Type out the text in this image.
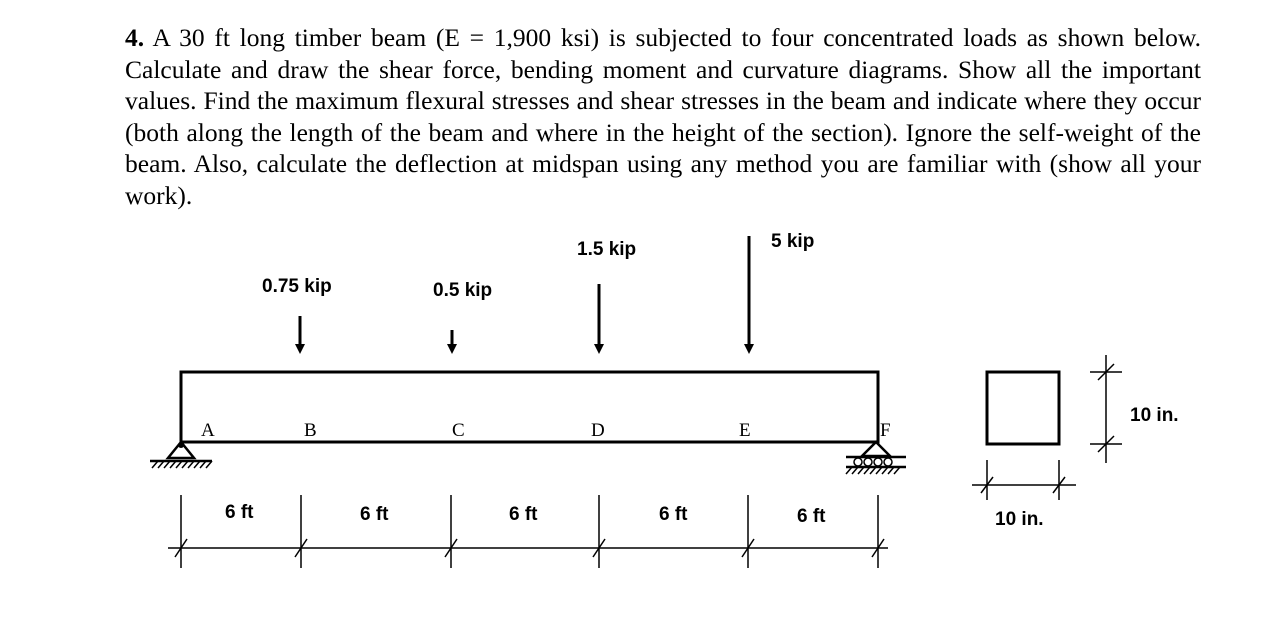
4. A 30 ft long timber beam (E = 1,900 ksi) is subjected to four concentrated loads as shown below. Calculate and draw the shear force, bending moment and curvature diagrams. Show all the important values. Find the maximum flexural stresses and shear stresses in the beam and indicate where they occur (both along the length of the beam and where in the height of the section). Ignore the self-weight of the beam. Also, calculate the deflection at midspan using any method you are familiar with (show all your work).
A	B	C	D	E	F
0.75 kip	0.5 kip
1.5 kip	5 kip
6 ft	6 ft	6 ft	6 ft	6 ft
10 in.
10 in.
